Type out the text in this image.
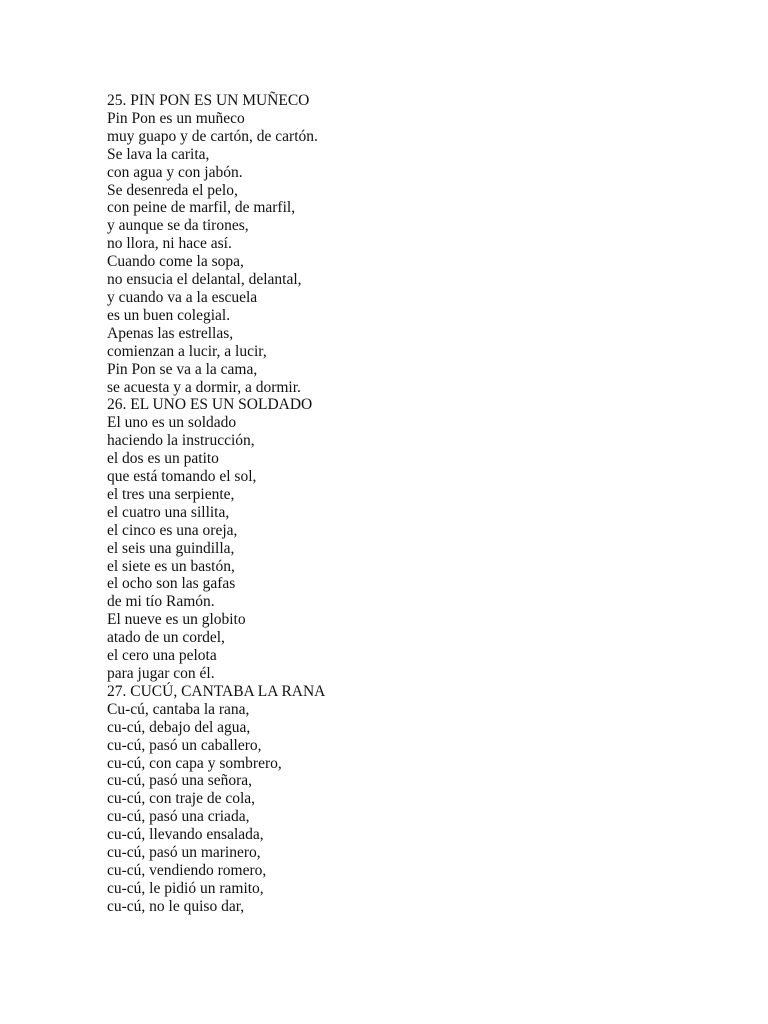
25. PIN PON ES UN MUÑECO
Pin Pon es un muñeco
muy guapo y de cartón, de cartón.
Se lava la carita,
con agua y con jabón.
Se desenreda el pelo,
con peine de marfil, de marfil,
y aunque se da tirones,
no llora, ni hace así.
Cuando come la sopa,
no ensucia el delantal, delantal,
y cuando va a la escuela
es un buen colegial.
Apenas las estrellas,
comienzan a lucir, a lucir,
Pin Pon se va a la cama,
se acuesta y a dormir, a dormir.
26. EL UNO ES UN SOLDADO
El uno es un soldado
haciendo la instrucción,
el dos es un patito
que está tomando el sol,
el tres una serpiente,
el cuatro una sillita,
el cinco es una oreja,
el seis una guindilla,
el siete es un bastón,
el ocho son las gafas
de mi tío Ramón.
El nueve es un globito
atado de un cordel,
el cero una pelota
para jugar con él.
27. CUCÚ, CANTABA LA RANA
Cu-cú, cantaba la rana,
cu-cú, debajo del agua,
cu-cú, pasó un caballero,
cu-cú, con capa y sombrero,
cu-cú, pasó una señora,
cu-cú, con traje de cola,
cu-cú, pasó una criada,
cu-cú, llevando ensalada,
cu-cú, pasó un marinero,
cu-cú, vendiendo romero,
cu-cú, le pidió un ramito,
cu-cú, no le quiso dar,
